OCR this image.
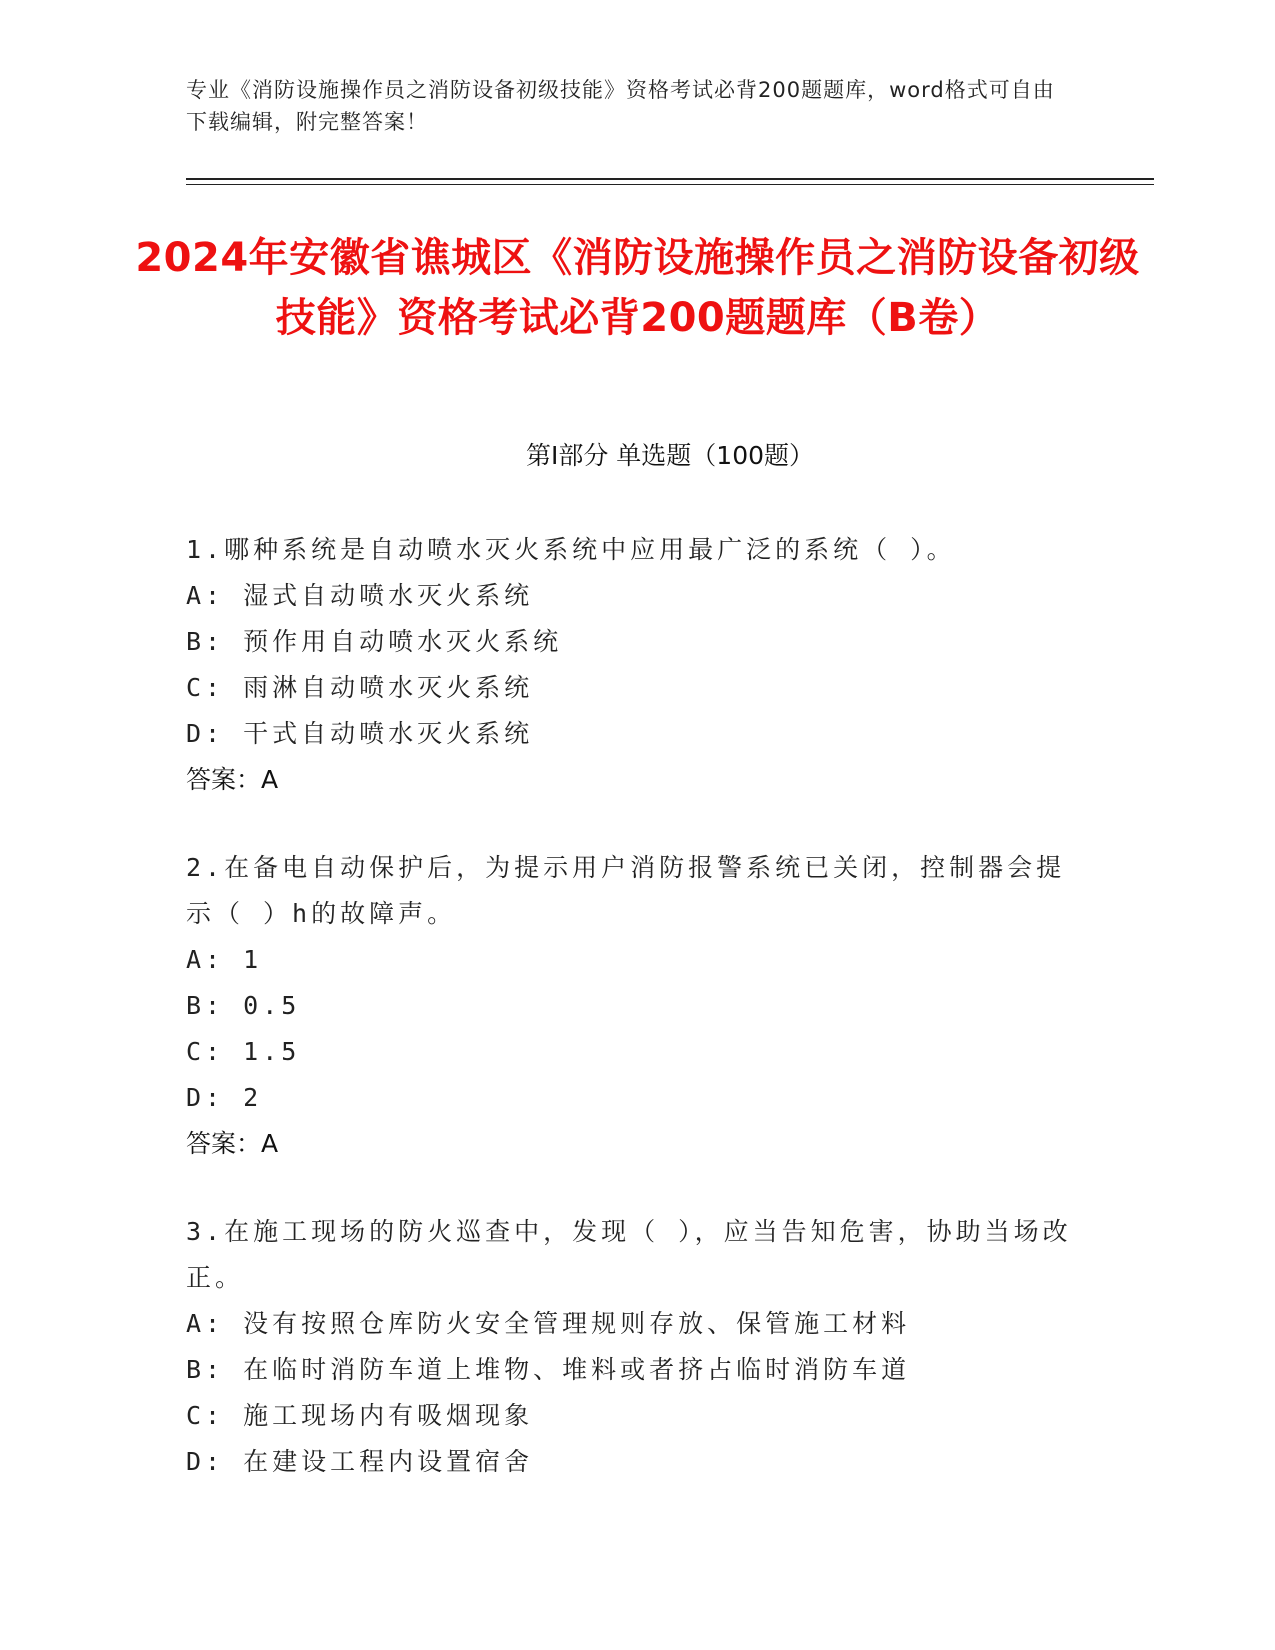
专业《消防设施操作员之消防设备初级技能》资格考试必背200题题库，word格式可自由下载编辑，附完整答案！
2024年安徽省谯城区《消防设施操作员之消防设备初级技能》资格考试必背200题题库（B卷）
第Ⅰ部分 单选题（100题）
1.哪种系统是自动喷水灭火系统中应用最广泛的系统（ ）。
A: 湿式自动喷水灭火系统
B: 预作用自动喷水灭火系统
C: 雨淋自动喷水灭火系统
D: 干式自动喷水灭火系统
答案：A
2.在备电自动保护后，为提示用户消防报警系统已关闭，控制器会提示（ ）h的故障声。
A: 1
B: 0.5
C: 1.5
D: 2
答案：A
3.在施工现场的防火巡查中，发现（ ），应当告知危害，协助当场改正。
A: 没有按照仓库防火安全管理规则存放、保管施工材料
B: 在临时消防车道上堆物、堆料或者挤占临时消防车道
C: 施工现场内有吸烟现象
D: 在建设工程内设置宿舍
